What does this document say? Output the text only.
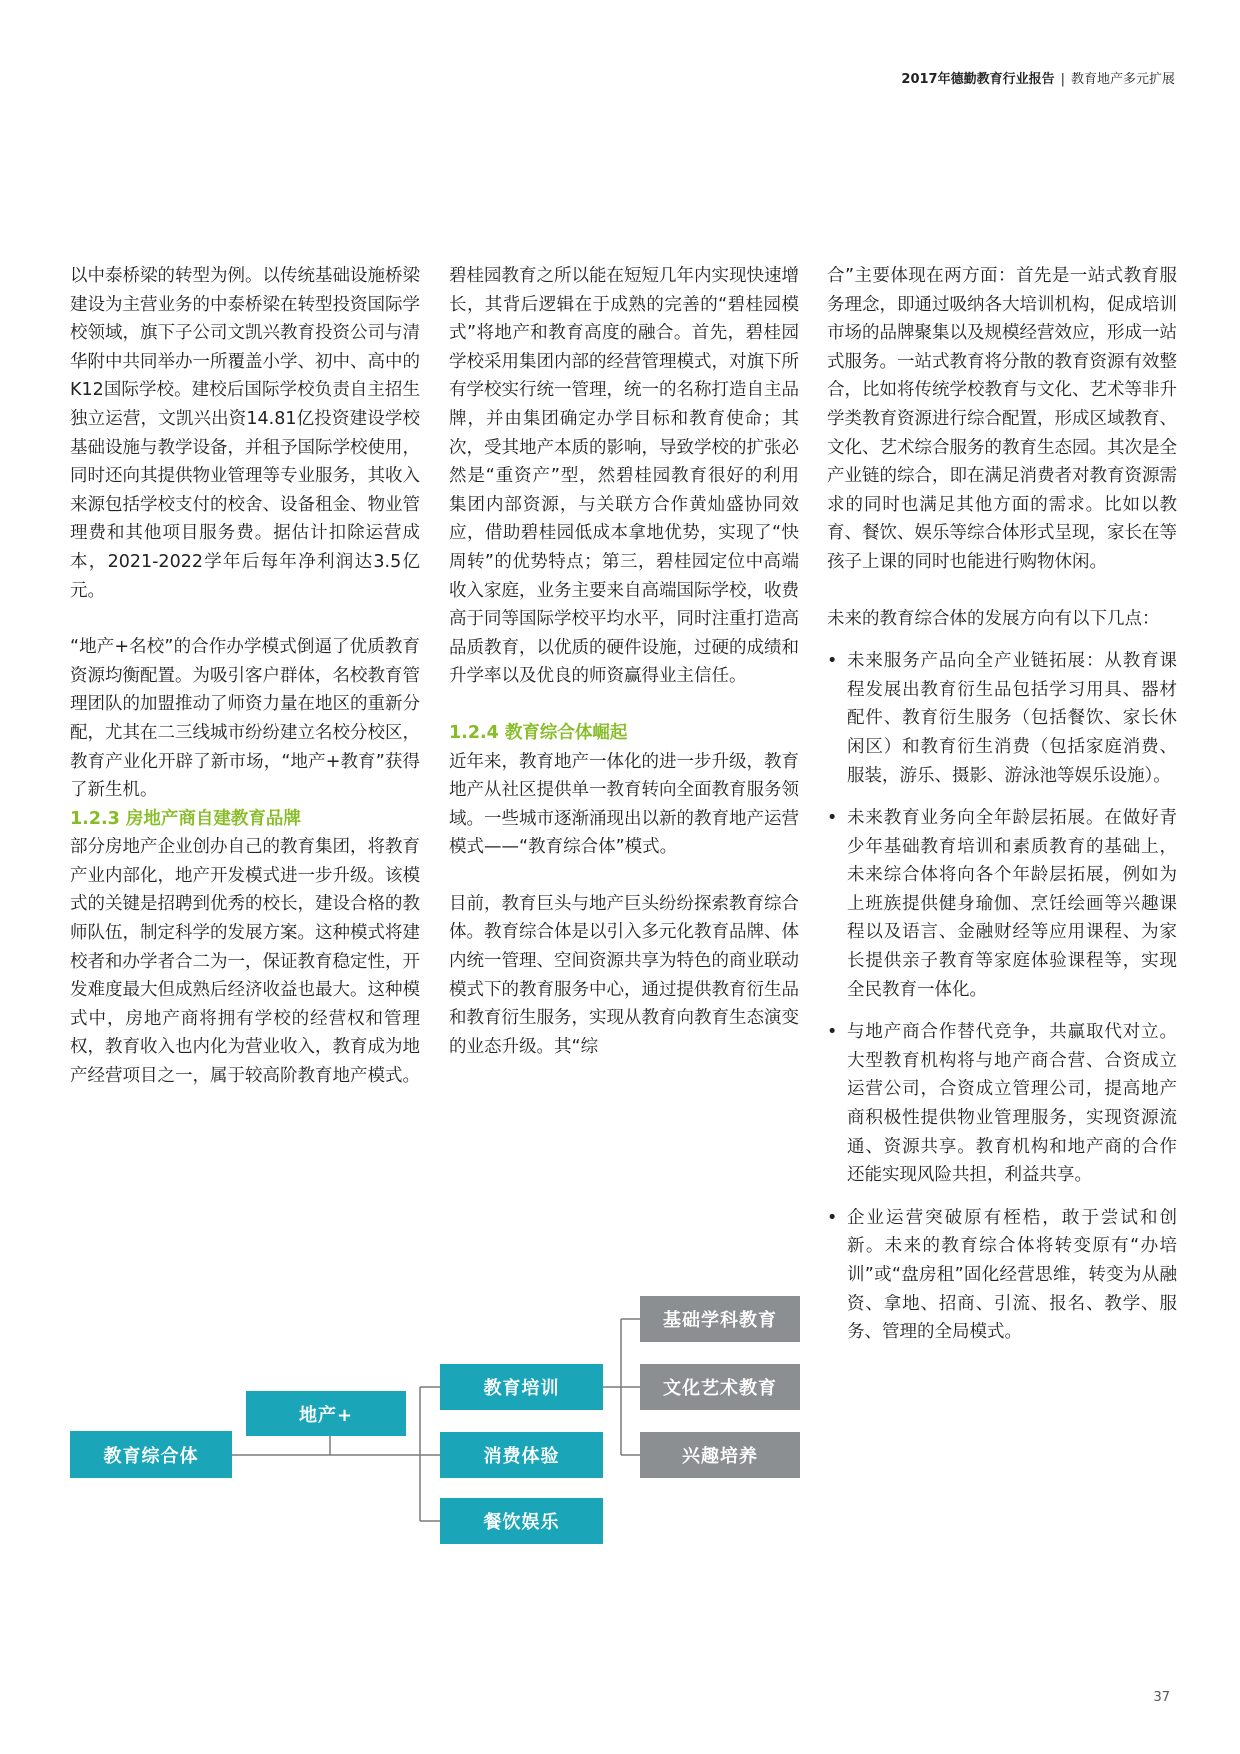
2017年德勤教育行业报告 | 教育地产多元扩展

以中泰桥梁的转型为例。以传统基础设施桥梁建设为主营业务的中泰桥梁在转型投资国际学校领域，旗下子公司文凯兴教育投资公司与清华附中共同举办一所覆盖小学、初中、高中的K12国际学校。建校后国际学校负责自主招生独立运营，文凯兴出资14.81亿投资建设学校基础设施与教学设备，并租予国际学校使用，同时还向其提供物业管理等专业服务，其收入来源包括学校支付的校舍、设备租金、物业管理费和其他项目服务费。据估计扣除运营成本，2021-2022学年后每年净利润达3.5亿元。

“地产+名校”的合作办学模式倒逼了优质教育资源均衡配置。为吸引客户群体，名校教育管理团队的加盟推动了师资力量在地区的重新分配，尤其在二三线城市纷纷建立名校分校区，教育产业化开辟了新市场，“地产+教育”获得了新生机。

1.2.3 房地产商自建教育品牌

部分房地产企业创办自己的教育集团，将教育产业内部化，地产开发模式进一步升级。该模式的关键是招聘到优秀的校长，建设合格的教师队伍，制定科学的发展方案。这种模式将建校者和办学者合二为一，保证教育稳定性，开发难度最大但成熟后经济收益也最大。这种模式中，房地产商将拥有学校的经营权和管理权，教育收入也内化为营业收入，教育成为地产经营项目之一，属于较高阶教育地产模式。

碧桂园教育之所以能在短短几年内实现快速增长，其背后逻辑在于成熟的完善的“碧桂园模式”将地产和教育高度的融合。首先，碧桂园学校采用集团内部的经营管理模式，对旗下所有学校实行统一管理，统一的名称打造自主品牌，并由集团确定办学目标和教育使命；其次，受其地产本质的影响，导致学校的扩张必然是“重资产”型，然碧桂园教育很好的利用集团内部资源，与关联方合作黄灿盛协同效应，借助碧桂园低成本拿地优势，实现了“快周转”的优势特点；第三，碧桂园定位中高端收入家庭，业务主要来自高端国际学校，收费高于同等国际学校平均水平，同时注重打造高品质教育，以优质的硬件设施，过硬的成绩和升学率以及优良的师资赢得业主信任。

1.2.4 教育综合体崛起

近年来，教育地产一体化的进一步升级，教育地产从社区提供单一教育转向全面教育服务领域。一些城市逐渐涌现出以新的教育地产运营模式——“教育综合体”模式。

目前，教育巨头与地产巨头纷纷探索教育综合体。教育综合体是以引入多元化教育品牌、体内统一管理、空间资源共享为特色的商业联动模式下的教育服务中心，通过提供教育衍生品和教育衍生服务，实现从教育向教育生态演变的业态升级。其“综

合”主要体现在两方面：首先是一站式教育服务理念，即通过吸纳各大培训机构，促成培训市场的品牌聚集以及规模经营效应，形成一站式服务。一站式教育将分散的教育资源有效整合，比如将传统学校教育与文化、艺术等非升学类教育资源进行综合配置，形成区域教育、文化、艺术综合服务的教育生态园。其次是全产业链的综合，即在满足消费者对教育资源需求的同时也满足其他方面的需求。比如以教育、餐饮、娱乐等综合体形式呈现，家长在等孩子上课的同时也能进行购物休闲。

未来的教育综合体的发展方向有以下几点：

• 未来服务产品向全产业链拓展：从教育课程发展出教育衍生品包括学习用具、器材配件、教育衍生服务（包括餐饮、家长休闲区）和教育衍生消费（包括家庭消费、服装，游乐、摄影、游泳池等娱乐设施）。
• 未来教育业务向全年龄层拓展。在做好青少年基础教育培训和素质教育的基础上，未来综合体将向各个年龄层拓展，例如为上班族提供健身瑜伽、烹饪绘画等兴趣课程以及语言、金融财经等应用课程、为家长提供亲子教育等家庭体验课程等，实现全民教育一体化。
• 与地产商合作替代竞争，共赢取代对立。大型教育机构将与地产商合营、合资成立运营公司，合资成立管理公司，提高地产商积极性提供物业管理服务，实现资源流通、资源共享。教育机构和地产商的合作还能实现风险共担，利益共享。
• 企业运营突破原有桎梏，敢于尝试和创新。未来的教育综合体将转变原有“办培训”或“盘房租”固化经营思维，转变为从融资、拿地、招商、引流、报名、教学、服务、管理的全局模式。
教育综合体
地产+
教育培训
消费体验
餐饮娱乐
基础学科教育
文化艺术教育
兴趣培养
37
